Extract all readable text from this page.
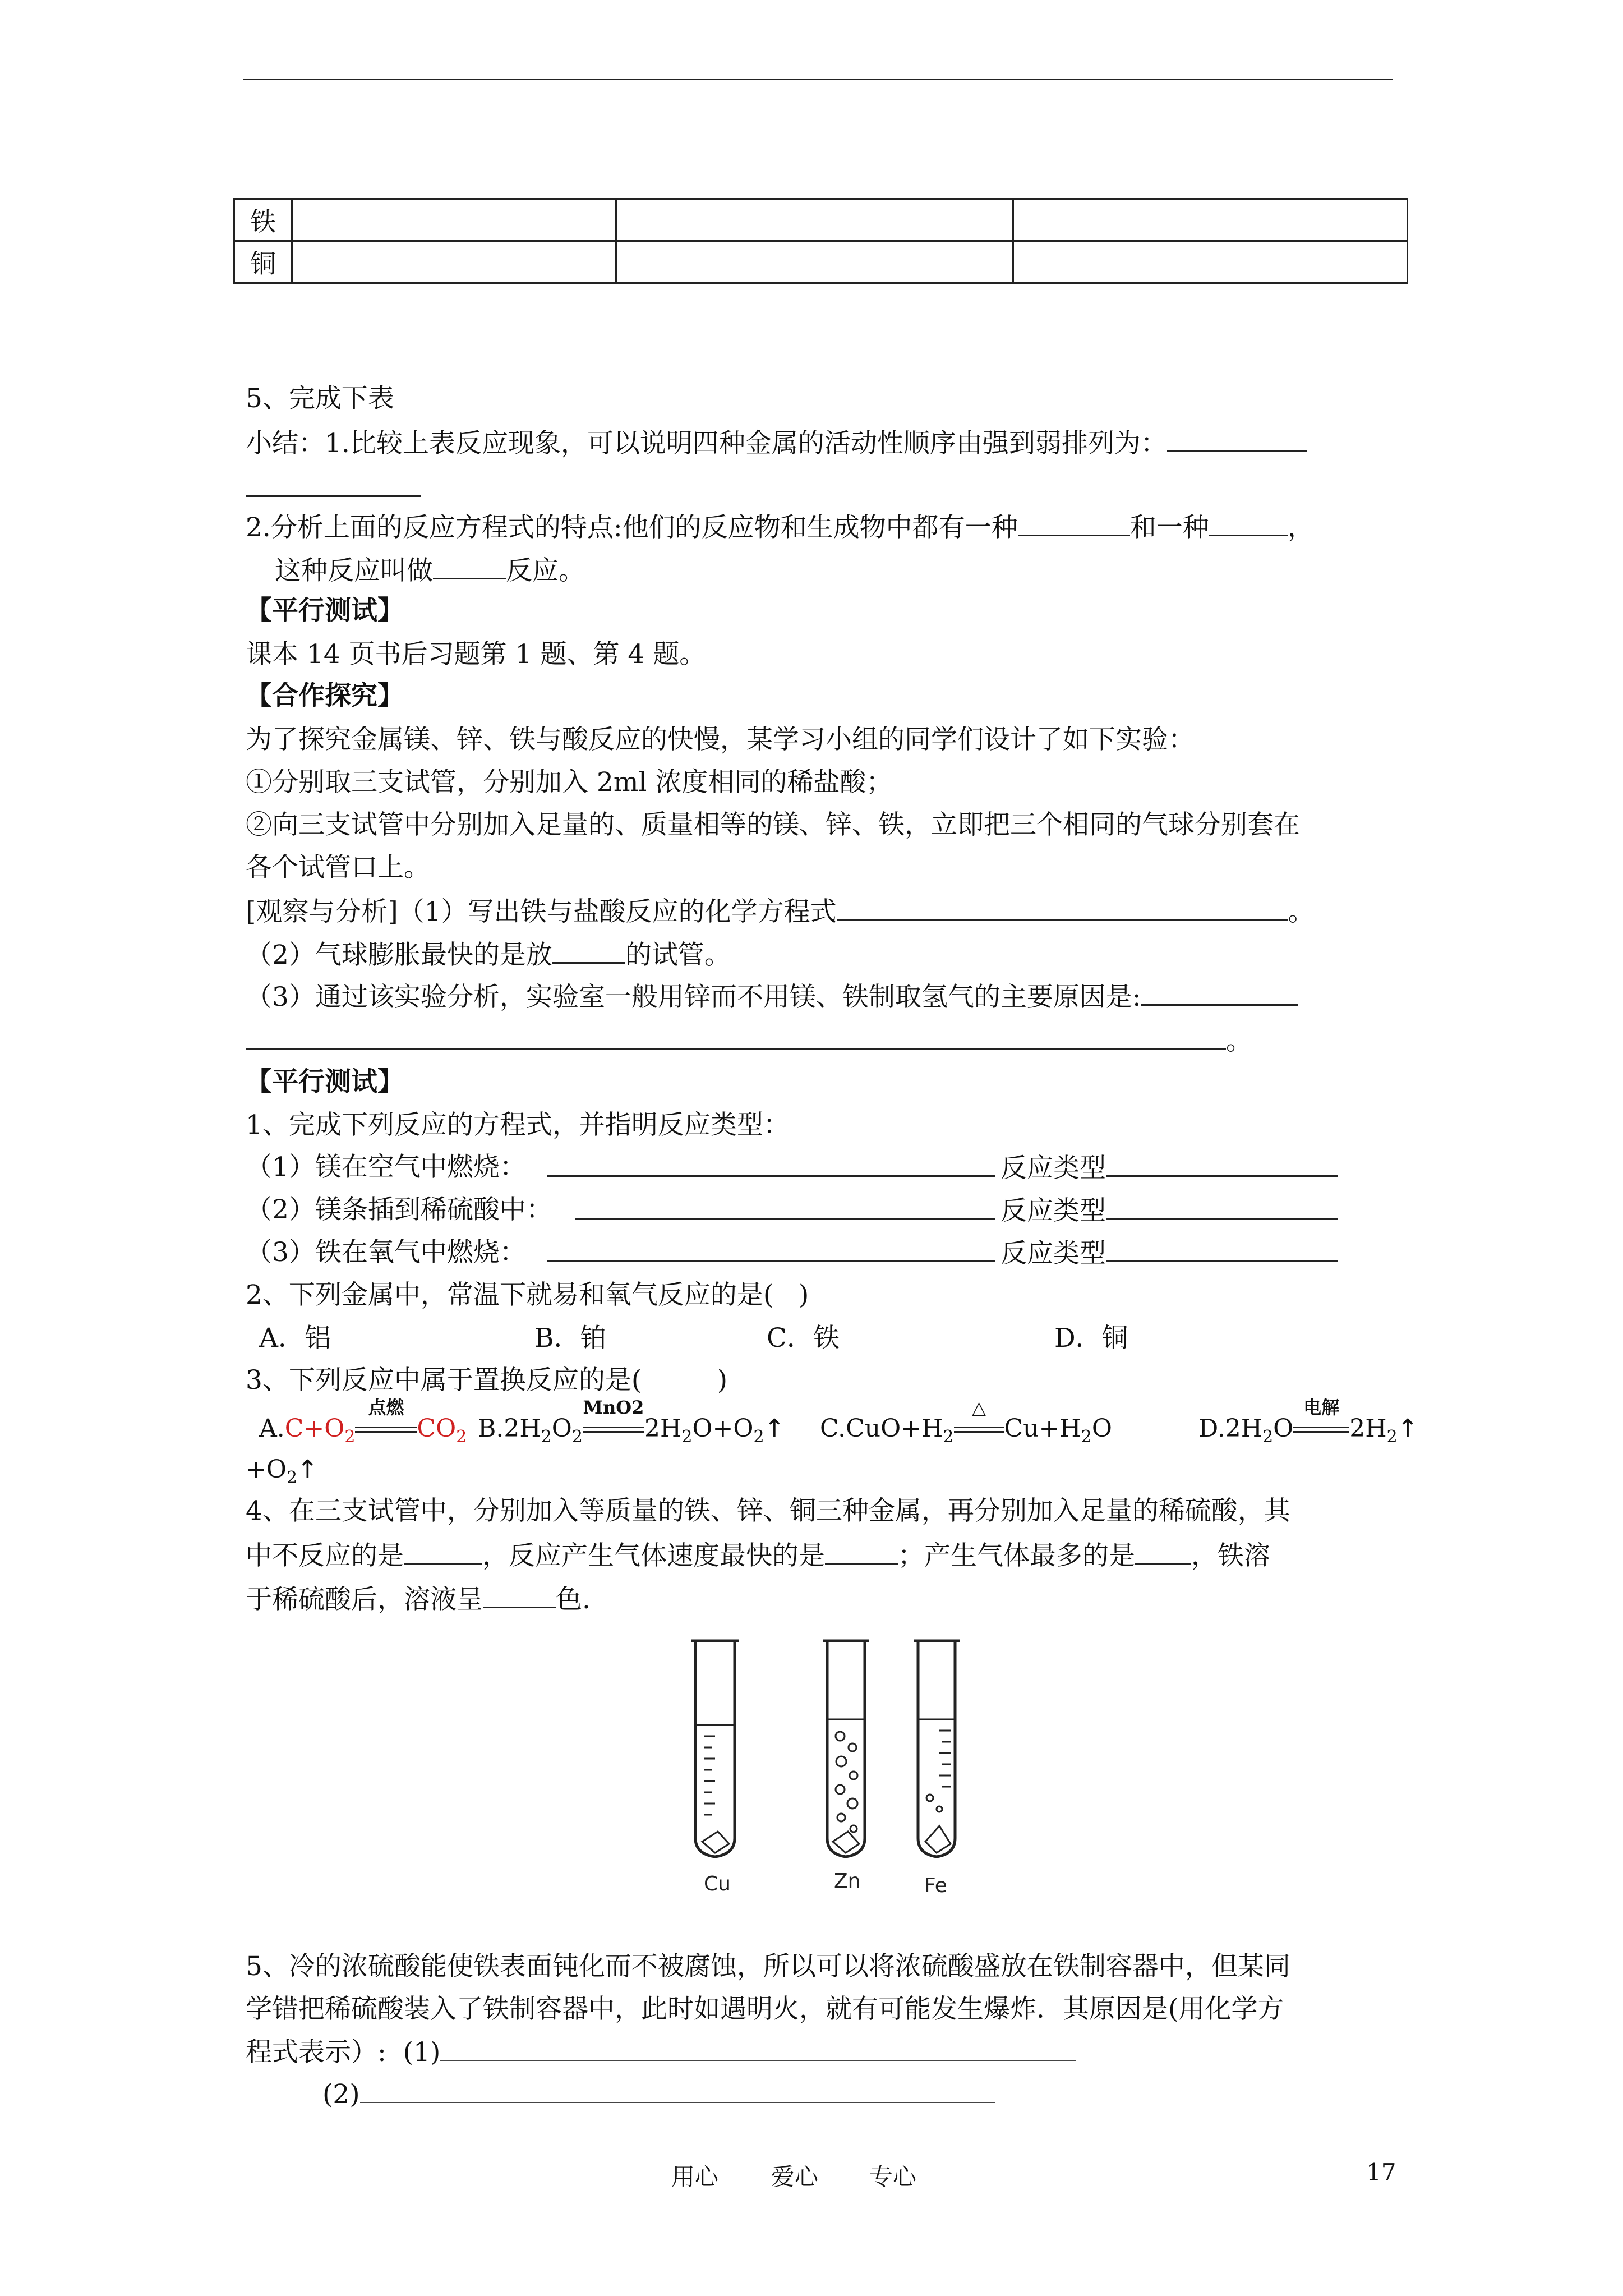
铁			
铜			
5、完成下表
小结：1.比较上表反应现象，可以说明四种金属的活动性顺序由强到弱排列为：
2.分析上面的反应方程式的特点:他们的反应物和生成物中都有一种	和一种	，
这种反应叫做	反应。
【平行测试】
课本 14 页书后习题第 1 题、第 4 题。
【合作探究】
为了探究金属镁、锌、铁与酸反应的快慢，某学习小组的同学们设计了如下实验：
①分别取三支试管，分别加入 2ml 浓度相同的稀盐酸；
②向三支试管中分别加入足量的、质量相等的镁、锌、铁，立即把三个相同的气球分别套在
各个试管口上。
[观察与分析]（1）写出铁与盐酸反应的化学方程式	。
（2）气球膨胀最快的是放	的试管。
（3）通过该实验分析，实验室一般用锌而不用镁、铁制取氢气的主要原因是:
。
【平行测试】
1、完成下列反应的方程式，并指明反应类型：
（1）镁在空气中燃烧：	反应类型
（2）镁条插到稀硫酸中：	反应类型
（3）铁在氧气中燃烧：	反应类型
2、下列金属中，常温下就易和氧气反应的是(   )
A．铝	B．铂	C．铁	D．铜
3、下列反应中属于置换反应的是(         )
$A.C+O_2$
点燃
$CO_2$ $B.2H_2O_2$
MnO2
$2H_2O+O_2↑$ $C.CuO+H_2$
△
$Cu+H_2O$	$D.2H_2O$
电解
$2H_2↑$
$+O_2↑$
4、在三支试管中，分别加入等质量的铁、锌、铜三种金属，再分别加入足量的稀硫酸，其
中不反应的是	，反应产生气体速度最快的是	；产生气体最多的是 ，铁溶
于稀硫酸后，溶液呈	色.
Cu	Zn	Fe
5、冷的浓硫酸能使铁表面钝化而不被腐蚀，所以可以将浓硫酸盛放在铁制容器中，但某同
学错把稀硫酸装入了铁制容器中，此时如遇明火，就有可能发生爆炸．其原因是(用化学方
程式表示）:  (1)
(2)
用心 爱心 专心	17
